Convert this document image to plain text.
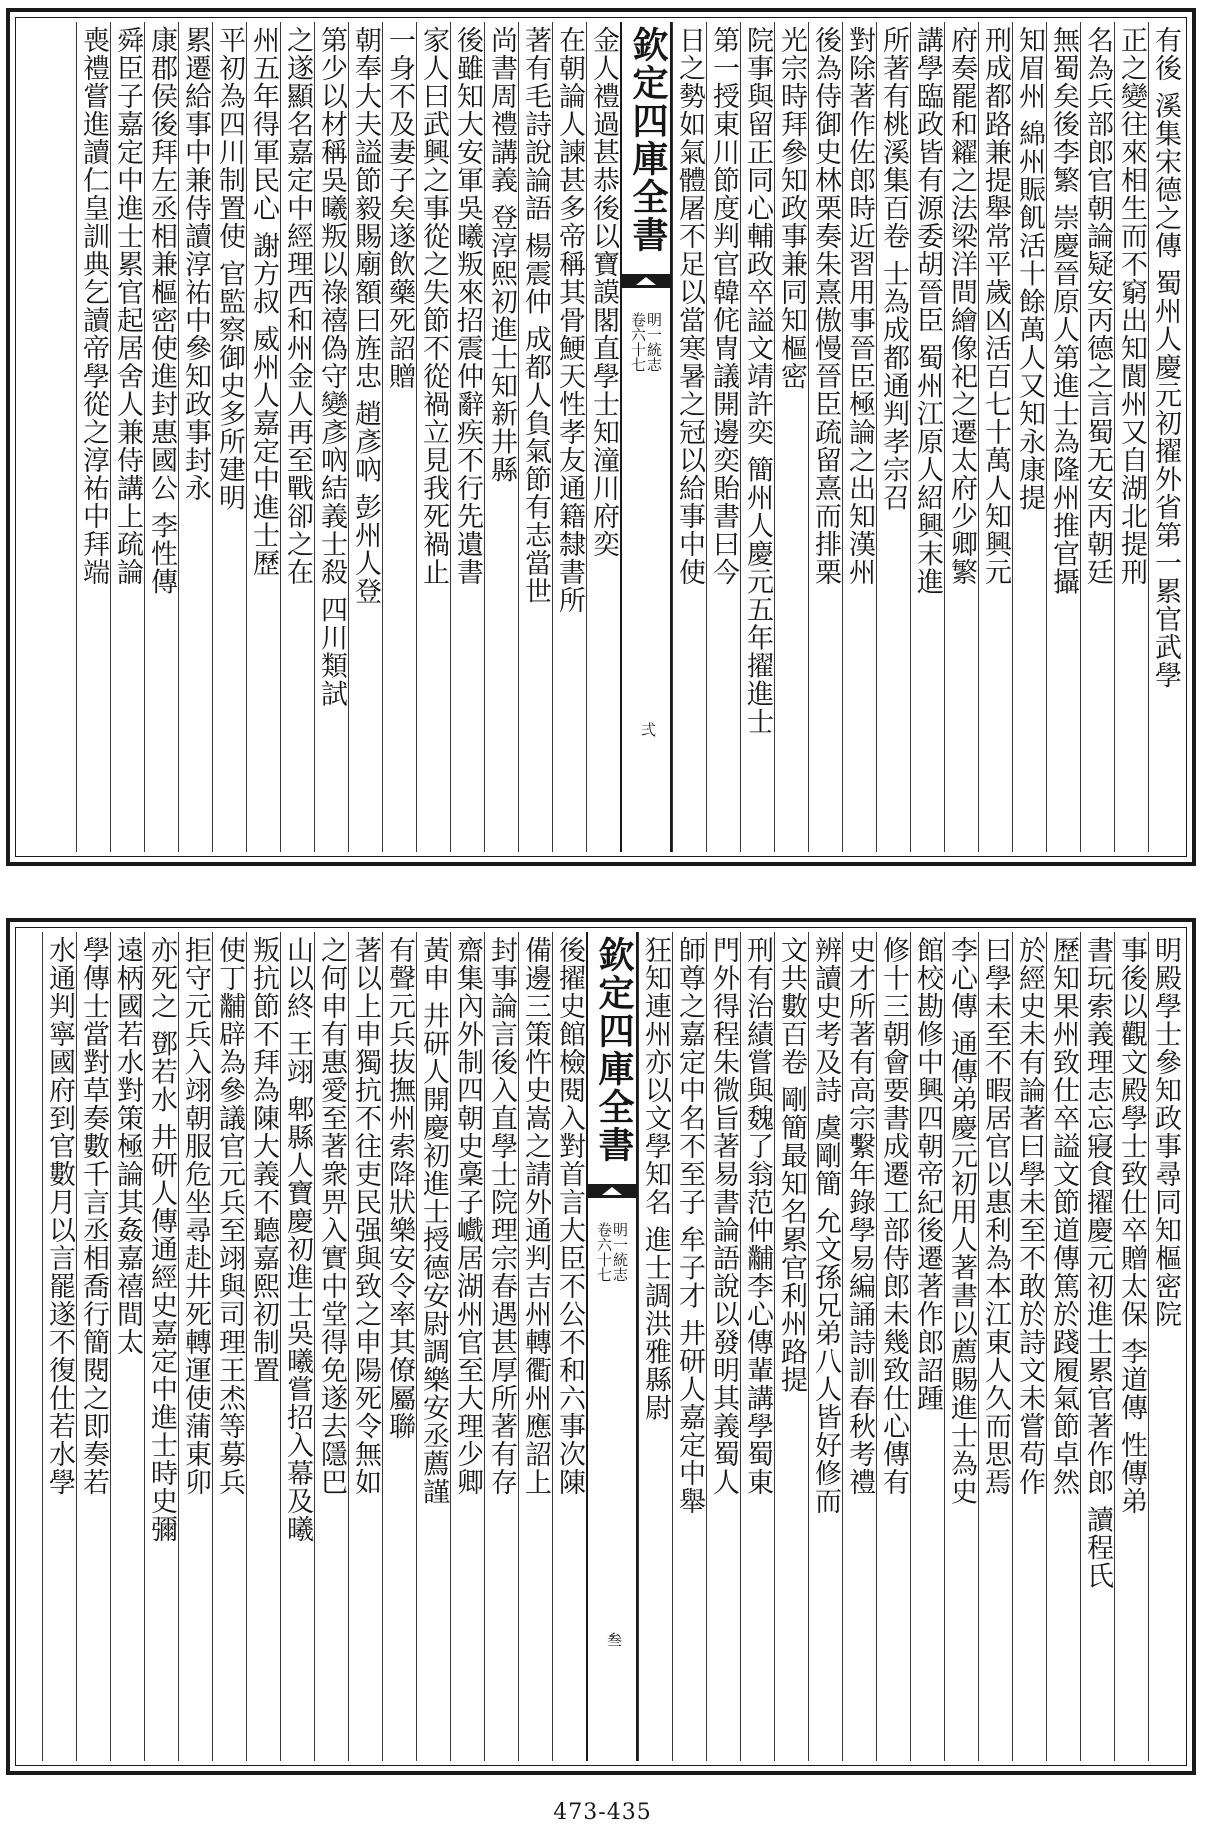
有後 溪集宋德之傳 蜀州人慶元初擢外省第一累官武學
正之變往來相生而不窮出知閬州又自湖北提刑
名為兵部郎官朝論疑安丙德之言蜀无安丙朝廷
無蜀矣後李繁 崇慶晉原人第進士為隆州推官攝
知眉州 綿州賑飢活十餘萬人又知永康提
刑成都路兼提舉常平歲凶活百七十萬人知興元
府奏罷和糴之法梁洋間繪像祀之遷太府少卿繁
講學臨政皆有源委胡晉臣 蜀州江原人紹興末進
所著有桃溪集百卷 士為成都通判孝宗召
對除著作佐郎時近習用事晉臣極論之出知漢州
後為侍御史林栗奏朱熹傲慢晉臣疏留熹而排栗
光宗時拜參知政事兼同知樞密
院事與留正同心輔政卒謚文靖許奕 簡州人慶元五年擢進士
第一授東川節度判官韓侂冑議開邊奕貽書曰今
日之勢如氣體屠不足以當寒暑之冠以給事中使
欽定四庫全書
明一統志
卷六十七
弍
金人禮過甚恭後以寶謨閣直學士知潼川府奕
在朝論人諫甚多帝稱其骨鯁天性孝友通籍隸書所
著有毛詩說論語 楊震仲 成都人負氣節有志當世
尚書周禮講義 登淳熙初進士知新井縣
後雖知大安軍吳曦叛來招震仲辭疾不行先遺書
家人曰武興之事從之失節不從禍立見我死禍止
一身不及妻子矣遂飲藥死詔贈
朝奉大夫謚節毅賜廟額曰旌忠 趙彥吶 彭州人登
第少以材稱吳曦叛以祿禧偽守變彥吶結義士殺 四川類試
之遂顯名嘉定中經理西和州金人再至戰卻之在
州五年得軍民心 謝方叔 威州人嘉定中進士歷
平初為四川制置使 官監察御史多所建明
累遷給事中兼侍讀淳祐中參知政事封永
康郡侯後拜左丞相兼樞密使進封惠國公 李性傳
舜臣子嘉定中進士累官起居舍人兼侍講上疏論
喪禮嘗進讀仁皇訓典乞讀帝學從之淳祐中拜端
明殿學士參知政事尋同知樞密院
事後以觀文殿學士致仕卒贈太保 李道傳 性傳弟
書玩索義理志忘寢食擢慶元初進士累官著作郎 讀程氏
歷知果州致仕卒謚文節道傳篤於踐履氣節卓然
於經史未有論著曰學未至不敢於詩文未嘗苟作
曰學未至不暇居官以惠利為本江東人久而思焉
李心傳 通傳弟慶元初用人著書以薦賜進士為史
館校勘修中興四朝帝紀後遷著作郎詔踵
修十三朝會要書成遷工部侍郎未幾致仕心傳有
史才所著有高宗繫年錄學易編誦詩訓春秋考禮
辨讀史考及詩 虞剛簡 允文孫兄弟八人皆好修而
文共數百卷 剛簡最知名累官利州路提
刑有治績嘗與魏了翁范仲黼李心傳輩講學蜀東
門外得程朱微旨著易書論語說以發明其義蜀人
師尊之嘉定中名不至子 牟子才 井研人嘉定中舉
狂知連州亦以文學知名 進士調洪雅縣尉
欽定四庫全書
明一統志
卷六十七
叁
後擢史館檢閱入對首言大臣不公不和六事次陳
備邊三策忤史嵩之請外通判吉州轉衢州應詔上
封事論言後入直學士院理宗春遇甚厚所著有存
齋集內外制四朝史稾子巇居湖州官至大理少卿
黃申 井研人開慶初進士授德安尉調樂安丞薦謹
有聲元兵抜撫州索降狀樂安令率其僚屬聯
著以上申獨抗不往吏民强與致之申陽死令無如
之何申有惠愛至著衆畀入實中堂得免遂去隱巴
山以終 王翊 郫縣人寶慶初進士吳曦嘗招入幕及曦
叛抗節不拜為陳大義不聽嘉熙初制置
使丁黼辟為參議官元兵至翊與司理王𤇍等募兵
拒守元兵入翊朝服危坐尋赴井死轉運使蒲東卯
亦死之 鄧若水 井研人傳通經史嘉定中進士時史彌
遠柄國若水對策極論其姦嘉禧間太
學傳士當對草奏數千言丞相喬行簡閱之即奏若
水通判寧國府到官數月以言罷遂不復仕若水學
473-435
